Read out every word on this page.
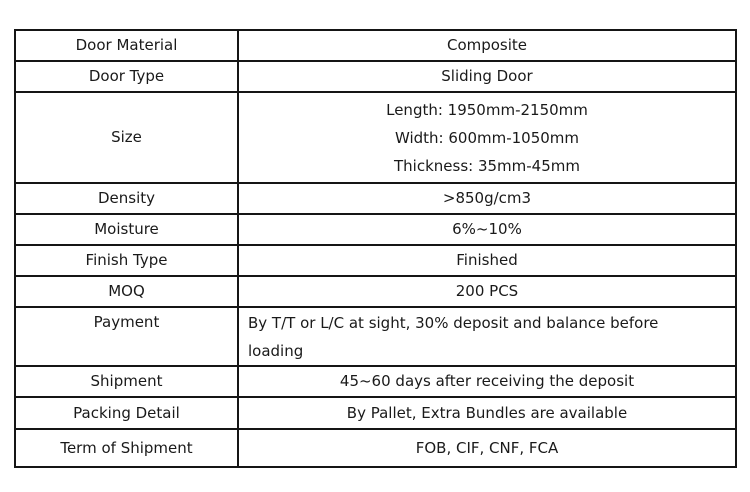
Door Material	Composite
Door Type	Sliding Door
Size	Length: 1950mm-2150mm
Width: 600mm-1050mm
Thickness: 35mm-45mm

Density	>850g/cm3
Moisture	6%~10%
Finish Type	Finished
MOQ	200 PCS
Payment	By T/T or L/C at sight, 30% deposit and balance before loading
Shipment	45~60 days after receiving the deposit
Packing Detail	By Pallet, Extra Bundles are available
Term of Shipment	FOB, CIF, CNF, FCA
